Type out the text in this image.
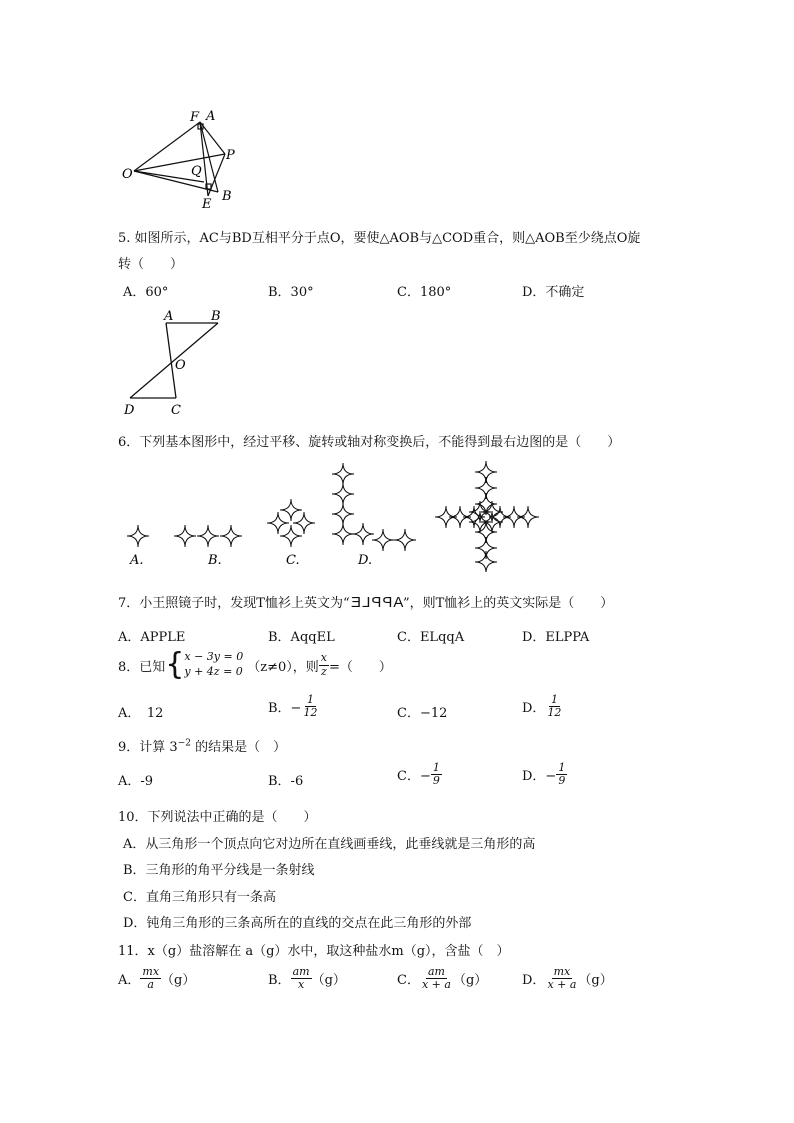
F A
P
O	Q
B
E
5. 如图所示，AC与BD互相平分于点O，要使△AOB与△COD重合，则△AOB至少绕点O旋
转（　　）
A．60°	B．30°	C．180°	D．不确定
A	B
O
D	C
6．下列基本图形中，经过平移、旋转或轴对称变换后，不能得到最右边图的是（　　）
A.	B.	C.	D.
7．小王照镜子时，发现T恤衫上英文为“APPLE”，则T恤衫上的英文实际是（　　）
A．APPLE	B．AqqEL	C．ELqqA	D．ELPPA
8．已知 { x − 3y = 0
y + 4z = 0 （z≠0），则 $\frac{x}{z}$ =（　　）
A．　12	B．− $\frac{1}{12}$	C．−12	D． $\frac{1}{12}$
9．计算 $3^{-2}$ 的结果是（　）
A．-9	B．-6	C．− $\frac{1}{9}$	D．− $\frac{1}{9}$
10．下列说法中正确的是（　　）
A．从三角形一个顶点向它对边所在直线画垂线，此垂线就是三角形的高
B．三角形的角平分线是一条射线
C．直角三角形只有一条高
D．钝角三角形的三条高所在的直线的交点在此三角形的外部
11．x（g）盐溶解在 a（g）水中，取这种盐水m（g），含盐（　）
A． $\frac{mx}{a} (g)$	B． $\frac{am}{x} (g)$	C． $\frac{am}{x + a} (g)$	D． $\frac{mx}{x + a} (g)$
